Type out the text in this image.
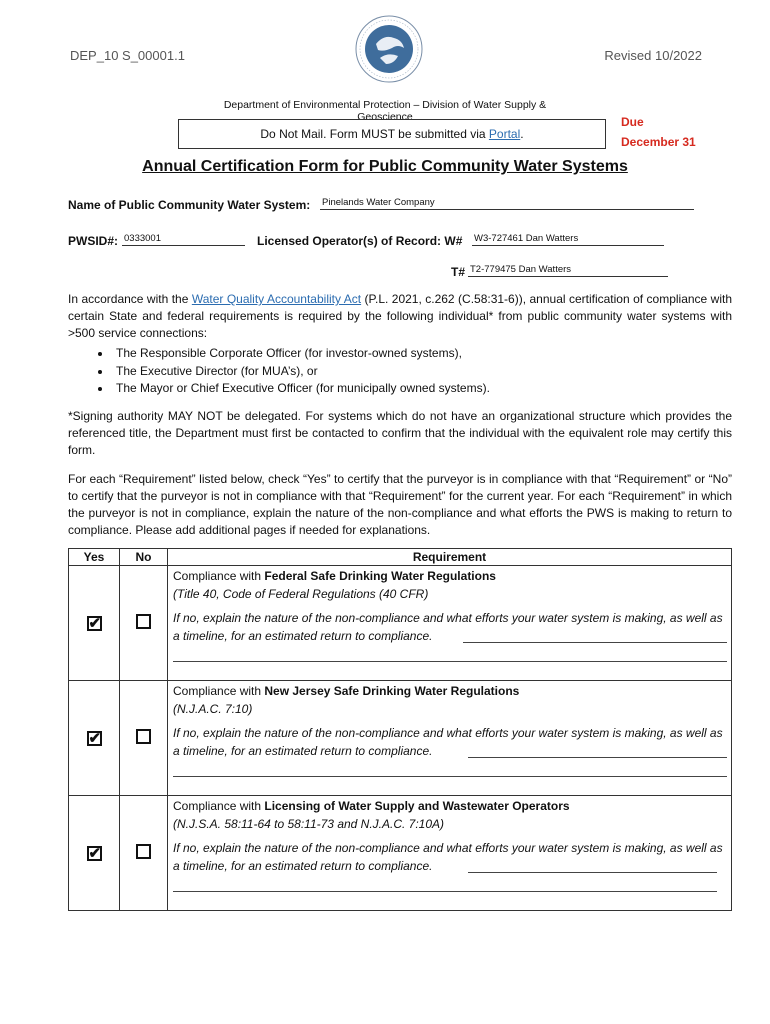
DEP_10 S_00001.1	Revised 10/2022
Department of Environmental Protection – Division of Water Supply & Geoscience
Do Not Mail. Form MUST be submitted via Portal.
Due
December 31
Annual Certification Form for Public Community Water Systems
Name of Public Community Water System: Pinelands Water Company
PWSID#: 0333001	Licensed Operator(s) of Record: W# W3-727461 Dan Watters
T# T2-779475 Dan Watters
In accordance with the Water Quality Accountability Act (P.L. 2021, c.262 (C.58:31-6)), annual certification of compliance with certain State and federal requirements is required by the following individual* from public community water systems with >500 service connections:
• The Responsible Corporate Officer (for investor-owned systems),
• The Executive Director (for MUA’s), or
• The Mayor or Chief Executive Officer (for municipally owned systems).
*Signing authority MAY NOT be delegated. For systems which do not have an organizational structure which provides the referenced title, the Department must first be contacted to confirm that the individual with the equivalent role may certify this form.
For each “Requirement” listed below, check “Yes” to certify that the purveyor is in compliance with that “Requirement” or “No” to certify that the purveyor is not in compliance with that “Requirement” for the current year. For each “Requirement” in which the purveyor is not in compliance, explain the nature of the non-compliance and what efforts the PWS is making to return to compliance. Please add additional pages if needed for explanations.
Yes	No	Requirement
✔		Compliance with Federal Safe Drinking Water Regulations
(Title 40, Code of Federal Regulations (40 CFR)
If no, explain the nature of the non-compliance and what efforts your water system is making, as well as a timeline, for an estimated return to compliance.

✔		Compliance with New Jersey Safe Drinking Water Regulations
(N.J.A.C. 7:10)
If no, explain the nature of the non-compliance and what efforts your water system is making, as well as a timeline, for an estimated return to compliance.

✔		Compliance with Licensing of Water Supply and Wastewater Operators
(N.J.S.A. 58:11-64 to 58:11-73 and N.J.A.C. 7:10A)
If no, explain the nature of the non-compliance and what efforts your water system is making, as well as a timeline, for an estimated return to compliance.
